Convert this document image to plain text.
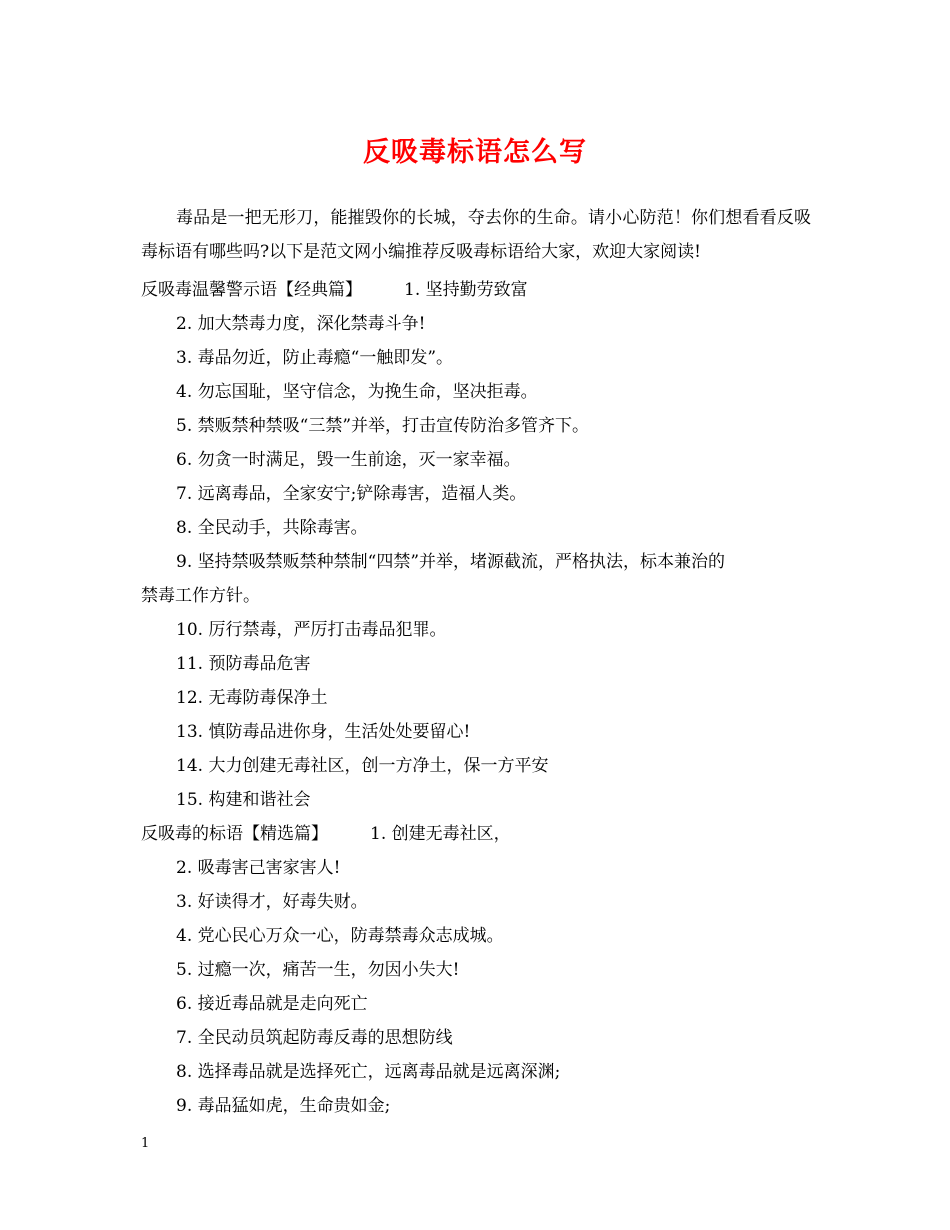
反吸毒标语怎么写
毒品是一把无形刀，能摧毁你的长城，夺去你的生命。请小心防范！你们想看看反吸毒标语有哪些吗?以下是范文网小编推荐反吸毒标语给大家，欢迎大家阅读!
反吸毒温馨警示语【经典篇】 1. 坚持勤劳致富
2. 加大禁毒力度，深化禁毒斗争!
3. 毒品勿近，防止毒瘾“一触即发”。
4. 勿忘国耻，坚守信念，为挽生命，坚决拒毒。
5. 禁贩禁种禁吸“三禁”并举，打击宣传防治多管齐下。
6. 勿贪一时满足，毁一生前途，灭一家幸福。
7. 远离毒品，全家安宁;铲除毒害，造福人类。
8. 全民动手，共除毒害。
9. 坚持禁吸禁贩禁种禁制“四禁”并举，堵源截流，严格执法，标本兼治的
禁毒工作方针。
10. 厉行禁毒，严厉打击毒品犯罪。
11. 预防毒品危害
12. 无毒防毒保净土
13. 慎防毒品进你身，生活处处要留心!
14. 大力创建无毒社区，创一方净土，保一方平安
15. 构建和谐社会
反吸毒的标语【精选篇】 1. 创建无毒社区，
2. 吸毒害己害家害人!
3. 好读得才，好毒失财。
4. 党心民心万众一心，防毒禁毒众志成城。
5. 过瘾一次，痛苦一生，勿因小失大!
6. 接近毒品就是走向死亡
7. 全民动员筑起防毒反毒的思想防线
8. 选择毒品就是选择死亡，远离毒品就是远离深渊;
9. 毒品猛如虎，生命贵如金;
1
